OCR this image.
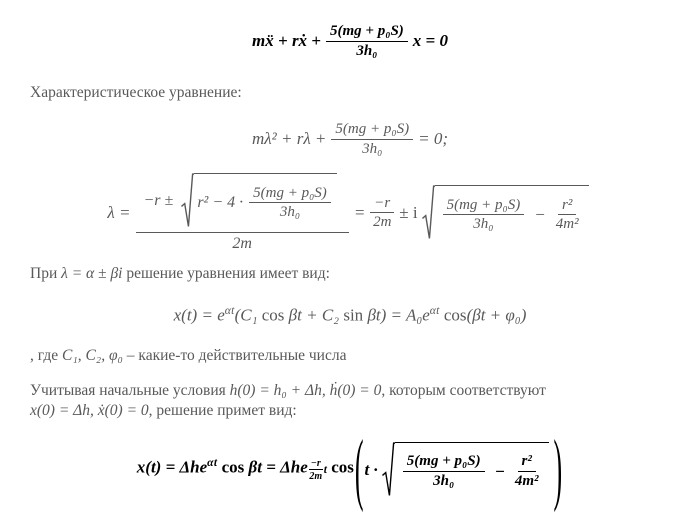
mẍ + rẋ + $\frac{\text{5(mg + p₀S)}}{\text{3h₀}}$ x = 0

Характеристическое уравнение:

$m\lambda^2 + r\lambda + \frac{\text{5(mg + p₀S)}}{\text{3h₀}} = 0$;
λ =
$-r \pm r^2 - 4 \cdot \frac{\text{5(mg + p₀S)}}{\text{3h₀}}$
2m
= $\frac{-r}{2m} \pm i \frac{\text{5(mg + p₀S)}}{\text{3h₀}} - \frac{\text{r²}}{\text{4m²}}$

При λ = α ± βi решение уравнения имеет вид:

$x(t) = e^{\alpha t}(C_1$ cos βt + C₂ $\sin \beta t) = A_0e^{\alpha t}$ cos(βt + φ₀)

, где C₁, C₂, φ₀ – какие-то действительные числа

Учитывая начальные условия h(0) = h₀ + Δh, ḣ(0) = 0, которым соответствуют
x(0) = Δh, ẋ(0) = 0, решение примет вид:
x(t) = Δhe$^{\alpha t}$ cos βt = Δhe $\frac{-r}{2m}$ t cos ( $t \cdot \frac{\text{5(mg + p₀S)}}{\text{3h₀}} - \frac{\text{r²}}{\text{4m²}}$ )
